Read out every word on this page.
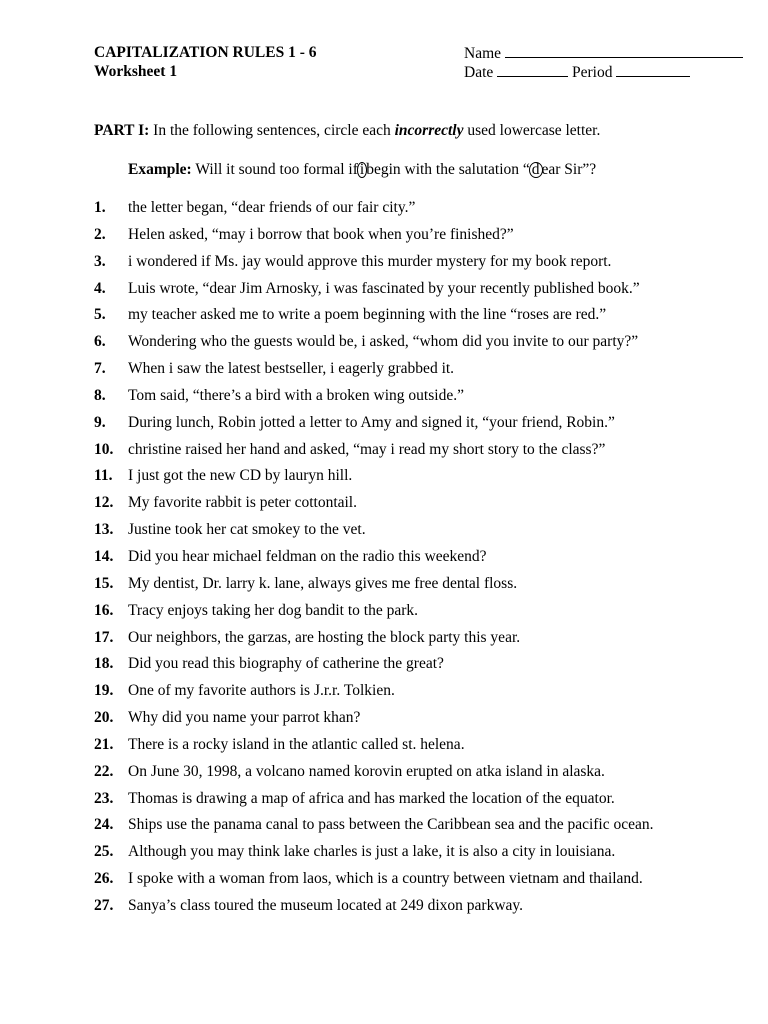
CAPITALIZATION RULES 1 - 6
Worksheet 1
Name
Date	Period
PART I: In the following sentences, circle each incorrectly used lowercase letter.
Example: Will it sound too formal if i begin with the salutation “ d ear Sir”?
1.	the letter began, “dear friends of our fair city.”
2.	Helen asked, “may i borrow that book when you’re finished?”
3.	i wondered if Ms. jay would approve this murder mystery for my book report.
4.	Luis wrote, “dear Jim Arnosky, i was fascinated by your recently published book.”
5.	my teacher asked me to write a poem beginning with the line “roses are red.”
6.	Wondering who the guests would be, i asked, “whom did you invite to our party?”
7.	When i saw the latest bestseller, i eagerly grabbed it.
8.	Tom said, “there’s a bird with a broken wing outside.”
9.	During lunch, Robin jotted a letter to Amy and signed it, “your friend, Robin.”
10. christine raised her hand and asked, “may i read my short story to the class?”
11. I just got the new CD by lauryn hill.
12. My favorite rabbit is peter cottontail.
13. Justine took her cat smokey to the vet.
14. Did you hear michael feldman on the radio this weekend?
15. My dentist, Dr. larry k. lane, always gives me free dental floss.
16. Tracy enjoys taking her dog bandit to the park.
17. Our neighbors, the garzas, are hosting the block party this year.
18. Did you read this biography of catherine the great?
19. One of my favorite authors is J.r.r. Tolkien.
20. Why did you name your parrot khan?
21. There is a rocky island in the atlantic called st. helena.
22. On June 30, 1998, a volcano named korovin erupted on atka island in alaska.
23. Thomas is drawing a map of africa and has marked the location of the equator.
24. Ships use the panama canal to pass between the Caribbean sea and the pacific ocean.
25. Although you may think lake charles is just a lake, it is also a city in louisiana.
26. I spoke with a woman from laos, which is a country between vietnam and thailand.
27. Sanya’s class toured the museum located at 249 dixon parkway.
